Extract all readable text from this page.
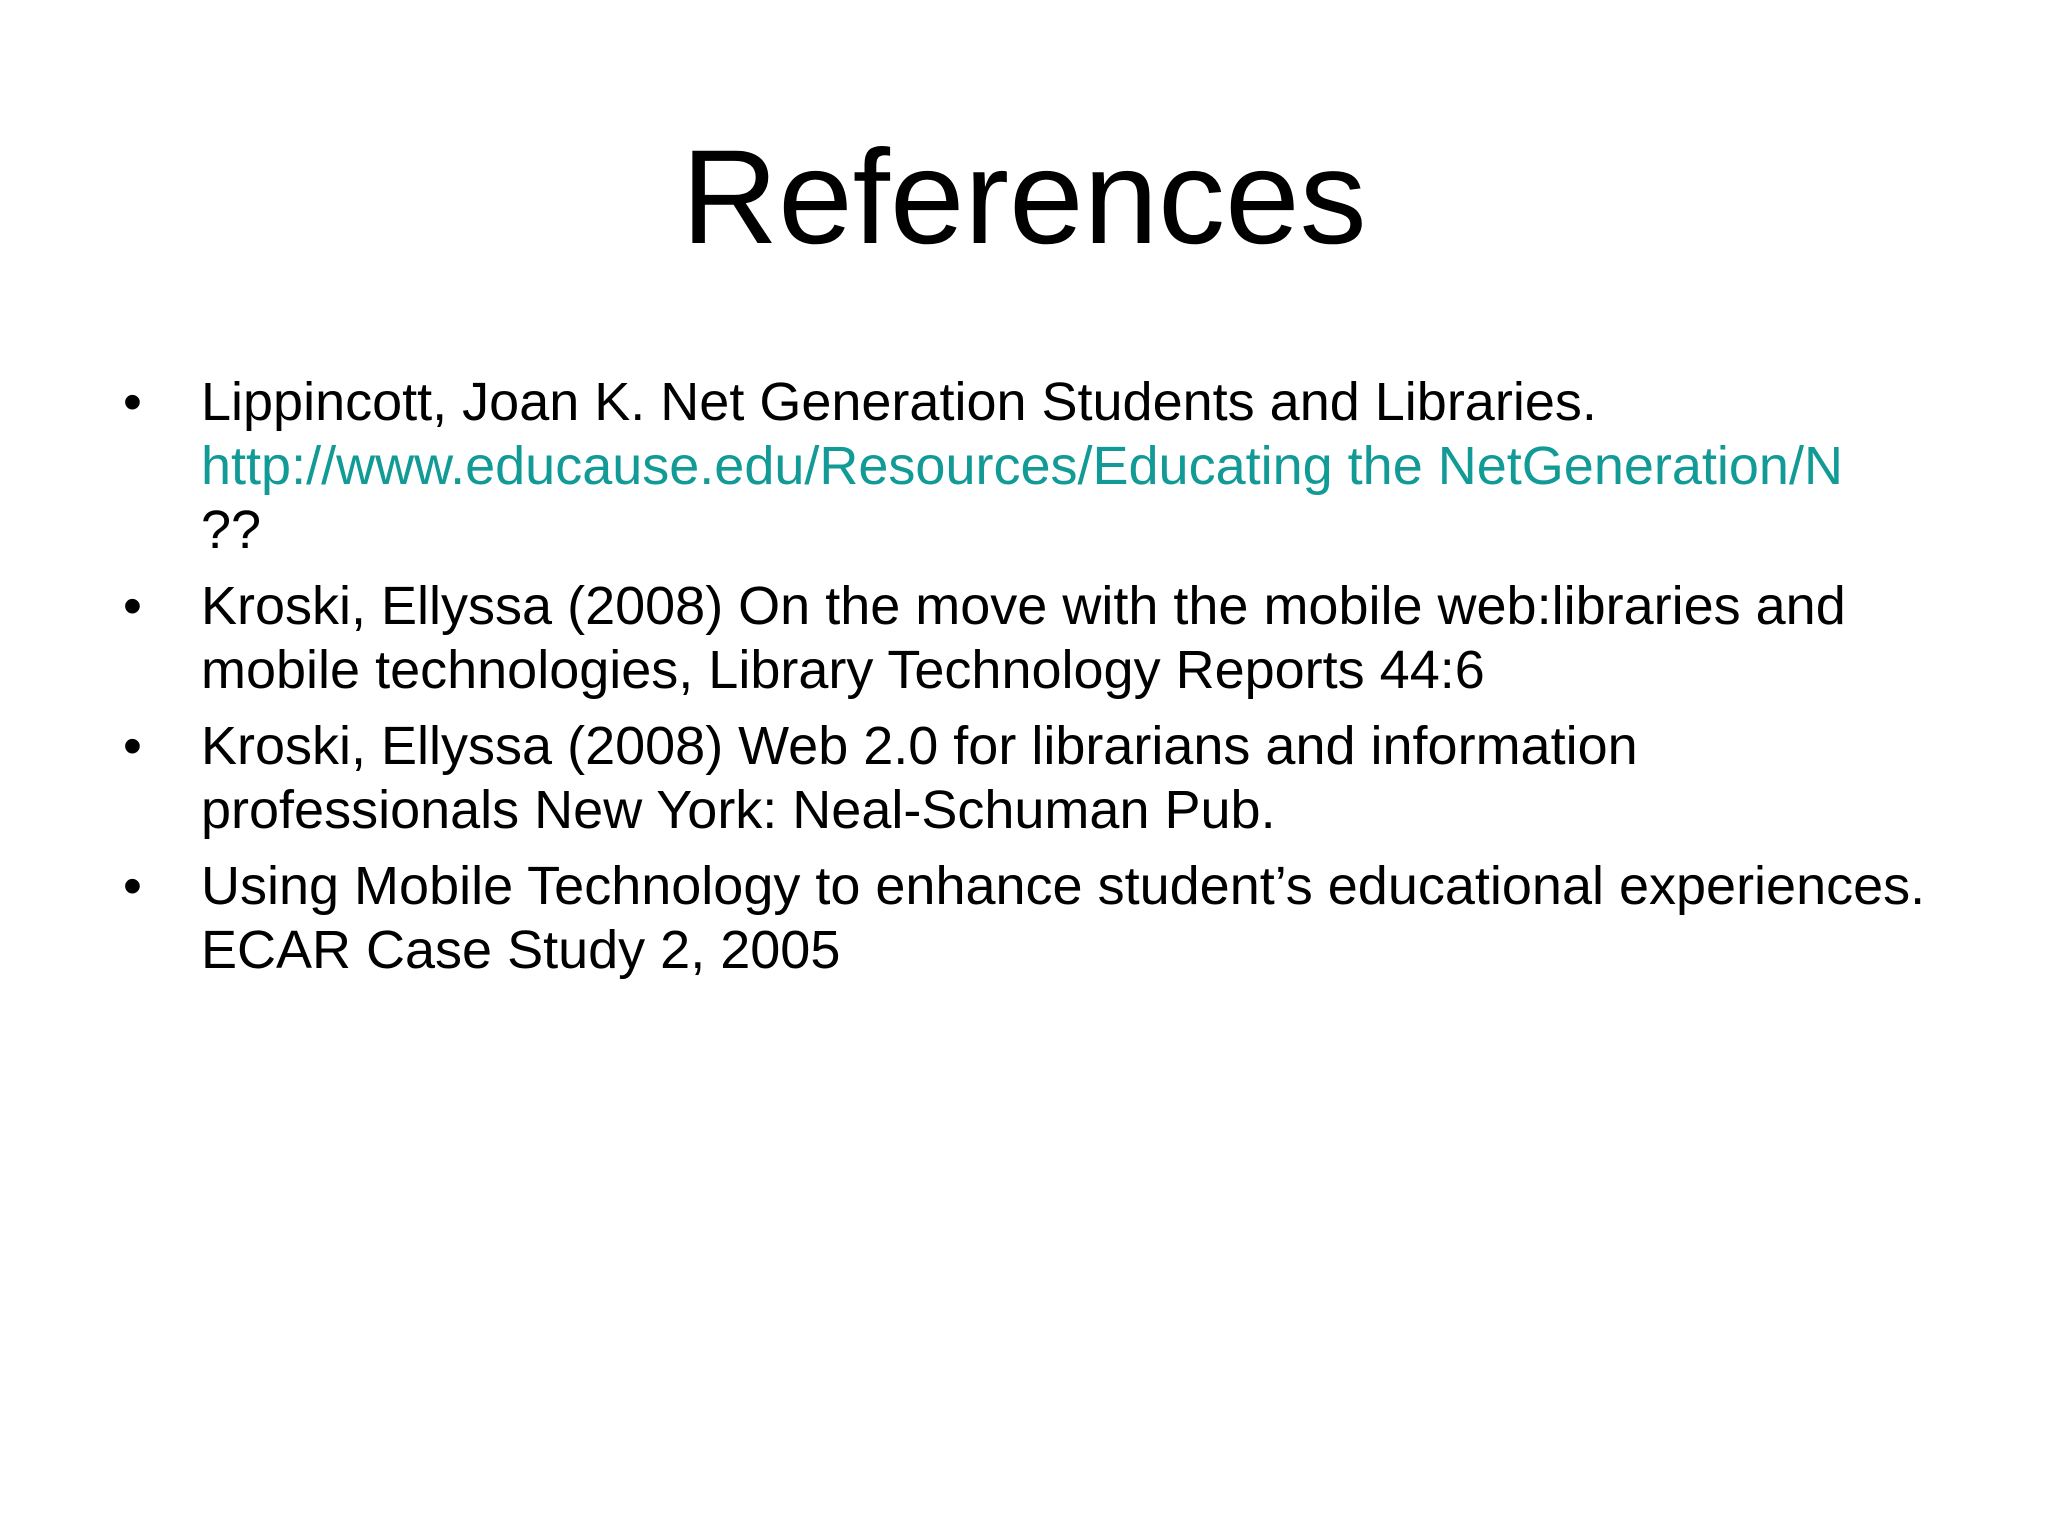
References
• Lippincott, Joan K. Net Generation Students and Libraries.
http://www.educause.edu/Resources/Educating the NetGeneration/N
??
• Kroski, Ellyssa (2008) On the move with the mobile web:libraries and mobile technologies, Library Technology Reports 44:6
• Kroski, Ellyssa (2008) Web 2.0 for librarians and information professionals New York: Neal-Schuman Pub.
• Using Mobile Technology to enhance student’s educational experiences. ECAR Case Study 2, 2005
